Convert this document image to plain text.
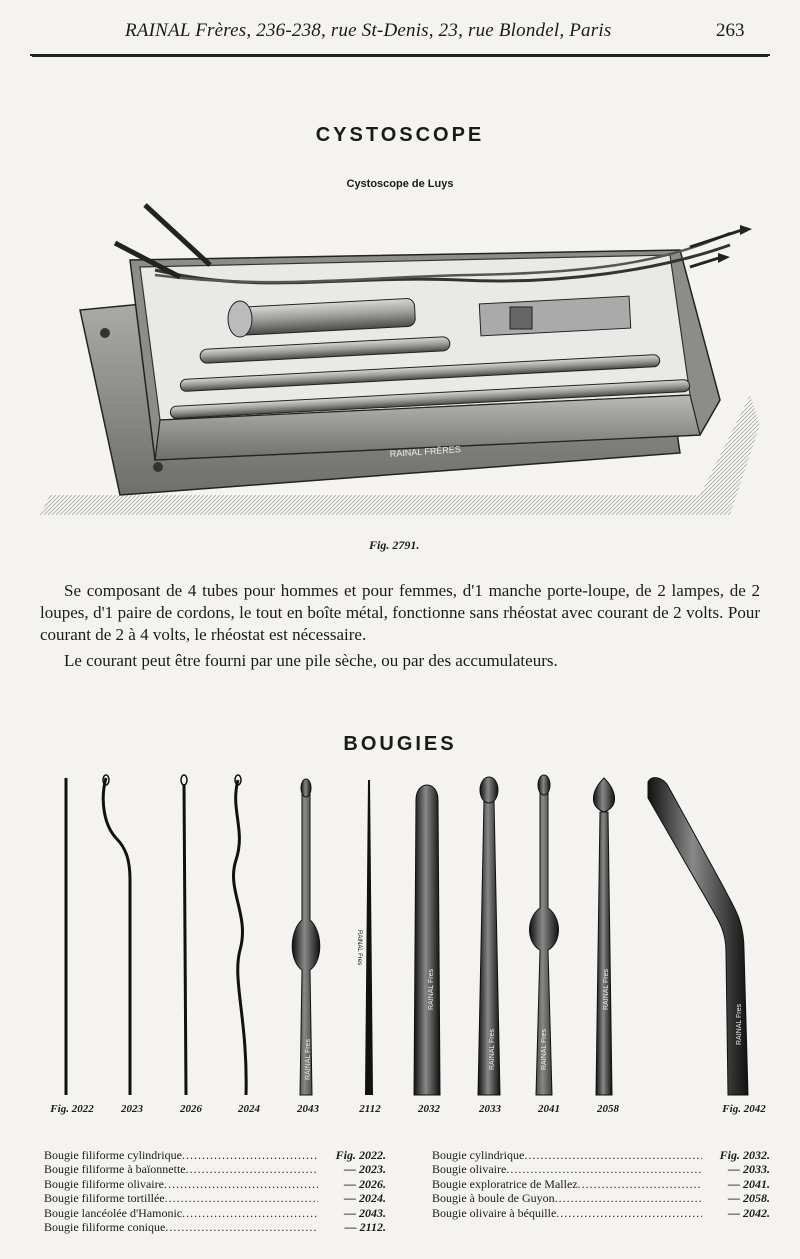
RAINAL Frères, 236-238, rue St-Denis, 23, rue Blondel, Paris	263
CYSTOSCOPE
Cystoscope de Luys
RAINAL FRÈRES
Fig. 2791.

Se composant de 4 tubes pour hommes et pour femmes, d'1 manche porte-loupe, de 2 lampes, de 2 loupes, d'1 paire de cordons, le tout en boîte métal, fonctionne sans rhéostat avec courant de 2 volts. Pour courant de 2 à 4 volts, le rhéostat est nécessaire.

Le courant peut être fourni par une pile sèche, ou par des accumulateurs.

BOUGIES
RAINAL Fres
RAINAL Fres	RAINAL Fres
RAINAL Fres
RAINAL Fres
RAINAL Fres
RAINAL Fres
Fig. 2022	2023	2026	2024	2043	2112	2032	2033	2041	2058	Fig. 2042
Bougie filiforme cylindrique .....	Fig. 2022.
Bougie filiforme à baïonnette .....	— 2023.
Bougie filiforme olivaire .....	— 2026.
Bougie filiforme tortillée .....	— 2024.
Bougie lancéolée d'Hamonic .....	— 2043.
Bougie filiforme conique .....	— 2112.
Bougie cylindrique .....	Fig. 2032.
Bougie olivaire .....	— 2033.
Bougie exploratrice de Mallez .....	— 2041.
Bougie à boule de Guyon .....	— 2058.
Bougie olivaire à béquille .....	— 2042.
